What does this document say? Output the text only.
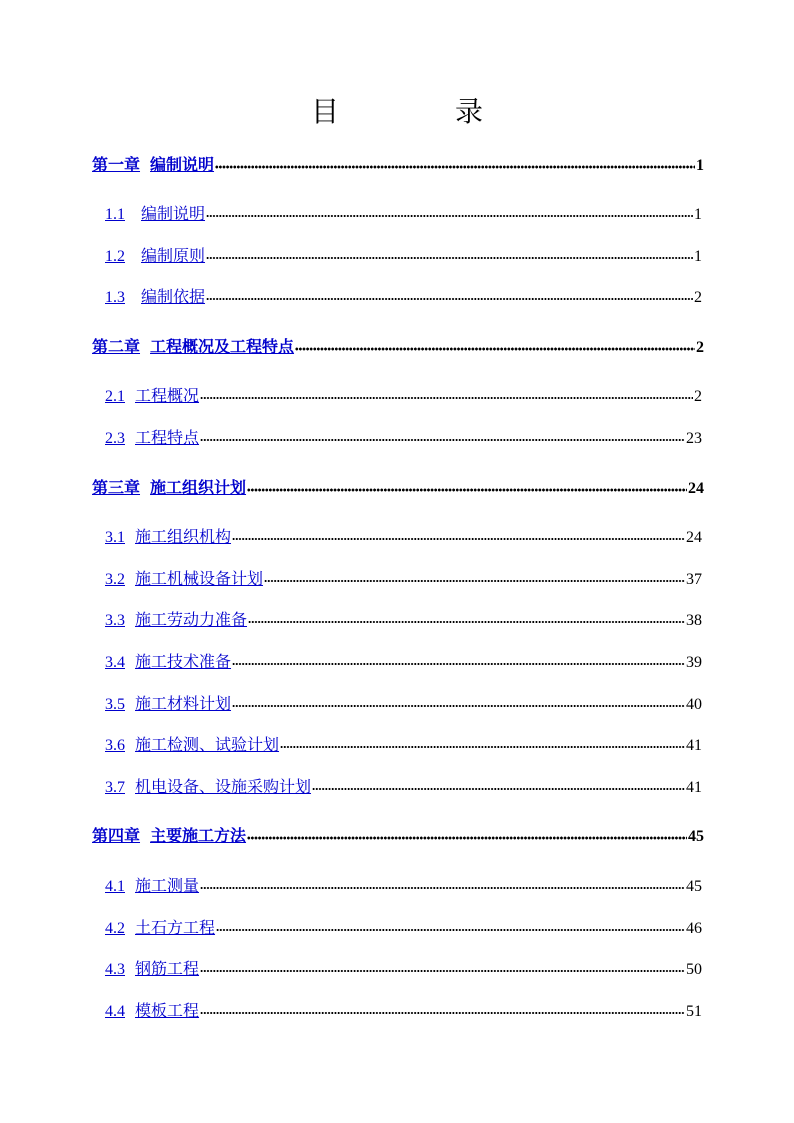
目　录
第一章 编制说明	1
1.1 编制说明	1
1.2 编制原则	1
1.3 编制依据	2
第二章 工程概况及工程特点	2
2.1 工程概况	2
2.3 工程特点	23
第三章 施工组织计划	24
3.1 施工组织机构	24
3.2 施工机械设备计划	37
3.3 施工劳动力准备	38
3.4 施工技术准备	39
3.5 施工材料计划	40
3.6 施工检测、试验计划	41
3.7 机电设备、设施采购计划	41
第四章 主要施工方法	45
4.1 施工测量	45
4.2 土石方工程	46
4.3 钢筋工程	50
4.4 模板工程	51
